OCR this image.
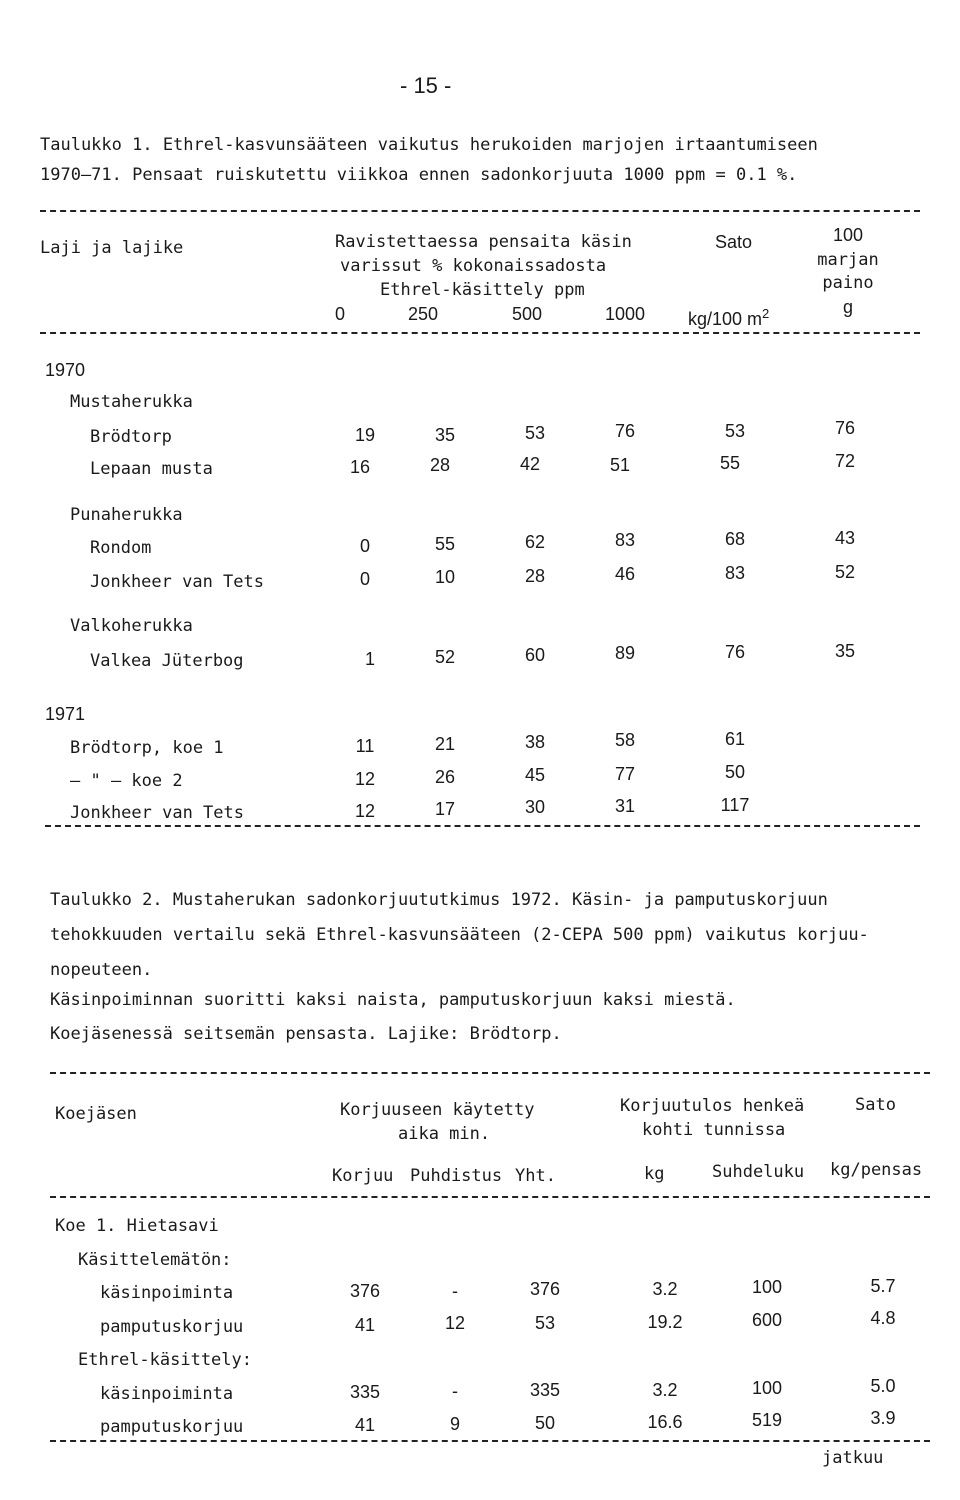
- 15 -
Taulukko 1. Ethrel-kasvunsääteen vaikutus herukoiden marjojen irtaantumiseen
1970–71. Pensaat ruiskutettu viikkoa ennen sadonkorjuuta 1000 ppm = 0.1 %.
Laji ja lajike	Ravistettaessa pensaita käsin
varissut % kokonaissadosta
Ethrel-käsittely ppm
0	250	500	1000
Sato
kg/100 $m^2$
100
marjan
paino
g
1970
Mustaherukka
Brödtorp	19	35	53	76	53	76
Lepaan musta	16	28	42	51	55	72
Punaherukka
Rondom	0	55	62	83	68	43
Jonkheer van Tets	0	10	28	46	83	52
Valkoherukka
Valkea Jüterbog	1	52	60	89	76	35
1971
Brödtorp, koe 1	11	21	38	58	61
– " – koe 2	12	26	45	77	50
Jonkheer van Tets	12	17	30	31	117
Taulukko 2. Mustaherukan sadonkorjuututkimus 1972. Käsin- ja pamputuskorjuun
tehokkuuden vertailu sekä Ethrel-kasvunsääteen (2-CEPA 500 ppm) vaikutus korjuu-
nopeuteen.
Käsinpoiminnan suoritti kaksi naista, pamputuskorjuun kaksi miestä.
Koejäsenessä seitsemän pensasta. Lajike: Brödtorp.
Koejäsen	Korjuuseen käytetty
aika min.
Korjuutulos henkeä
kohti tunnissa
Sato
Korjuu Puhdistus Yht.	kg	Suhdeluku kg/pensas
Koe 1. Hietasavi
Käsittelemätön:
käsinpoiminta	376	-	376	3.2	100	5.7
pamputuskorjuu	41	12	53	19.2	600	4.8
Ethrel-käsittely:
käsinpoiminta	335	-	335	3.2	100	5.0
pamputuskorjuu	41	9	50	16.6	519	3.9
jatkuu
